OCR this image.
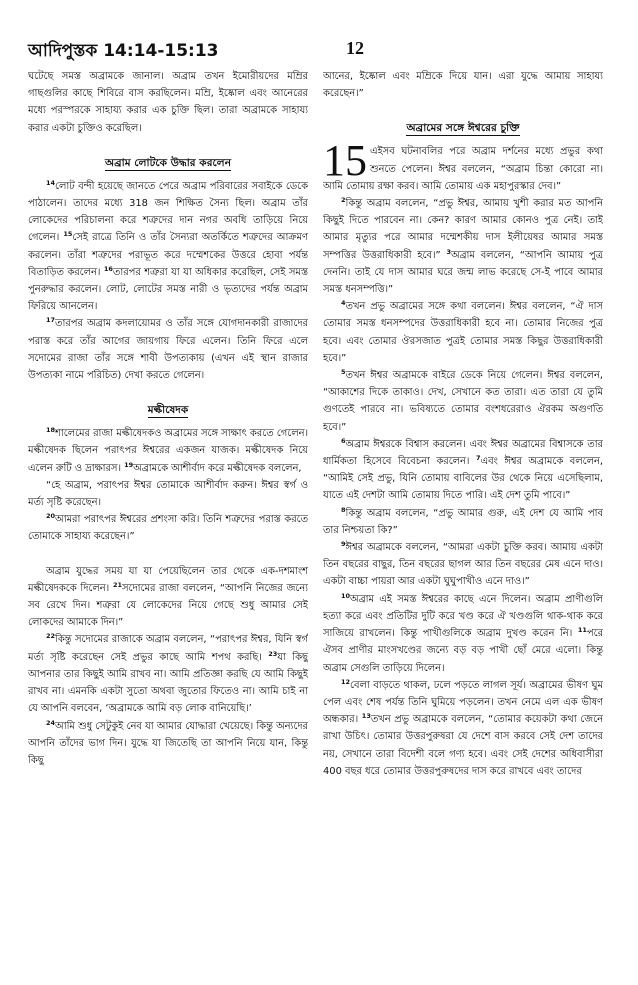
আদিপুস্তক 14:14-15:13	12

ঘটেছে সমস্ত অব্রামকে জানাল। অব্রাম তখন ইমোরীয়দের মম্রির গাছগুলির কাছে শিবিরে বাস করছিলেন। মম্রি, ইষ্কোল এবং আনেরের মধ্যে পরস্পরকে সাহায্য করার এক চুক্তি ছিল। তারা অব্রামকে সাহায্য করার একটা চুক্তিও করেছিল।

অব্রাম লোটকে উদ্ধার করলেন

$^{14}$লোট বন্দী হয়েছে জানতে পেরে অব্রাম পরিবারের সবাইকে ডেকে পাঠালেন। তাদের মধ্যে 318 জন শিক্ষিত সৈন্য ছিল। অব্রাম তাঁর লোকেদের পরিচালনা করে শত্রুদের দান নগর অবধি তাড়িয়ে নিয়ে গেলেন। $^{15}$সেই রাত্রে তিনি ও তাঁর সৈন্যরা অতর্কিতে শত্রুদের আক্রমণ করলেন। তাঁরা শত্রুদের পরাভূত করে দম্মেশকের উত্তরে হোবা পর্যন্ত বিতাড়িত করলেন। $^{16}$তারপর শত্রুরা যা যা অধিকার করেছিল, সেই সমস্ত পুনরুদ্ধার করলেন। লোট, লোটের সমস্ত নারী ও ভৃত্যদের পর্যন্ত অব্রাম ফিরিয়ে আনলেন।

$^{17}$তারপর অব্রাম কদলায়োমর ও তাঁর সঙ্গে যোগদানকারী রাজাদের পরাস্ত করে তাঁর আগের জায়গায় ফিরে এলেন। তিনি ফিরে এলে সদোমের রাজা তাঁর সঙ্গে শাবী উপত্যকায় (এখন এই স্থান রাজার উপত্যকা নামে পরিচিত) দেখা করতে গেলেন।

মল্কীষেদক

$^{18}$শালেমের রাজা মল্কীষেদকও অব্রামের সঙ্গে সাক্ষাৎ করতে গেলেন। মল্কীষেদক ছিলেন পরাৎপর ঈশ্বরের একজন যাজক। মল্কীষেদক নিয়ে এলেন রুটি ও দ্রাক্ষারস। $^{19}$অব্রামকে আশীর্বাদ করে মল্কীষেদক বললেন,

“হে অব্রাম, পরাৎপর ঈশ্বর তোমাকে আশীর্বাদ করুন। ঈশ্বর স্বর্গ ও মর্ত্য সৃষ্টি করেছেন।

$^{20}$আমরা পরাৎপর ঈশ্বরের প্রশংসা করি। তিনি শত্রুদের পরাস্ত করতে তোমাকে সাহায্য করেছেন।”

অব্রাম যুদ্ধের সময় যা যা পেয়েছিলেন তার থেকে এক-দশমাংশ মল্কীষেদককে দিলেন। $^{21}$সদোমের রাজা বললেন, “আপনি নিজের জন্যে সব রেখে দিন। শত্রুরা যে লোকেদের নিয়ে গেছে শুধু আমার সেই লোকদের আমাকে দিন।”

$^{22}$কিন্তু সদোমের রাজাকে অব্রাম বললেন, “পরাৎপর ঈশ্বর, যিনি স্বর্গ মর্ত্য সৃষ্টি করেছেন সেই প্রভুর কাছে আমি শপথ করছি। $^{23}$যা কিছু আপনার তার কিছুই আমি রাখব না। আমি প্রতিজ্ঞা করছি যে আমি কিছুই রাখব না। এমনকি একটা সুতো অথবা জুতোর ফিতেও না। আমি চাই না যে আপনি বলবেন, ‘অব্রামকে আমি বড় লোক বানিয়েছি।’

$^{24}$আমি শুধু সেটুকুই নেব যা আমার যোদ্ধারা খেয়েছে। কিন্তু অন্যদের আপনি তাঁদের ভাগ দিন। যুদ্ধে যা জিতেছি তা আপনি নিয়ে যান, কিন্তু কিছু

আনের, ইষ্কোল এবং মম্রিকে দিয়ে যান। এরা যুদ্ধে আমায় সাহায্য করেছেন।”

অব্রামের সঙ্গে ঈশ্বরের চুক্তি

15 এইসব ঘটনাবলির পরে অব্রাম দর্শনের মধ্যে প্রভুর কথা শুনতে পেলেন। ঈশ্বর বললেন, “অব্রাম চিন্তা কোরো না। আমি তোমায় রক্ষা করব। আমি তোমায় এক মহাপুরস্কার দেব।”

$^2$কিন্তু অব্রাম বললেন, “প্রভু ঈশ্বর, আমায় খুশী করার মত আপনি কিছুই দিতে পারবেন না। কেন? কারণ আমার কোনও পুত্র নেই। তাই আমার মৃত্যুর পরে আমার দম্মেশকীয় দাস ইলীয়েষর আমার সমস্ত সম্পত্তির উত্তরাধিকারী হবে।” $^3$অব্রাম বললেন, “আপনি আমায় পুত্র দেননি। তাই যে দাস আমার ঘরে জন্ম লাভ করেছে সে-ই পাবে আমার সমস্ত ধনসম্পত্তি।”

$^4$তখন প্রভু অব্রামের সঙ্গে কথা বললেন। ঈশ্বর বললেন, “ঐ দাস তোমার সমস্ত ধনসম্পদের উত্তরাধিকারী হবে না। তোমার নিজের পুত্র হবে। এবং তোমার ঔরসজাত পুত্রই তোমার সমস্ত কিছুর উত্তরাধিকারী হবে।”

$^5$তখন ঈশ্বর অব্রামকে বাইরে ডেকে নিয়ে গেলেন। ঈশ্বর বললেন, “আকাশের দিকে তাকাও। দেখ, সেখানে কত তারা। এত তারা যে তুমি গুণতেই পারবে না। ভবিষ্যতে তোমার বংশধরেরাও ঐরকম অগুণতি হবে।”

$^6$অব্রাম ঈশ্বরকে বিশ্বাস করলেন। এবং ঈশ্বর অব্রামের বিশ্বাসকে তার ধার্মিকতা হিসেবে বিবেচনা করলেন। $^7$এবং ঈশ্বর অব্রামকে বললেন, “আমিই সেই প্রভু, যিনি তোমায় বাবিলের উর থেকে নিয়ে এসেছিলাম, যাতে এই দেশটা আমি তোমায় দিতে পারি। এই দেশ তুমি পাবে।”

$^8$কিন্তু অব্রাম বললেন, “প্রভু আমার গুরু, এই দেশ যে আমি পাব তার নিশ্চয়তা কি?”

$^9$ঈশ্বর অব্রামকে বললেন, “আমরা একটা চুক্তি করব। আমায় একটা তিন বছরের বাছুর, তিন বছরের ছাগল আর তিন বছরের মেষ এনে দাও। একটা বাচ্চা পায়রা আর একটা ঘুঘুপাখীও এনে দাও।”

$^{10}$অব্রাম এই সমস্ত ঈশ্বরের কাছে এনে দিলেন। অব্রাম প্রাণীগুলি হত্যা করে এবং প্রতিটির দুটি করে খণ্ড করে ঐ খণ্ডগুলি থাক-থাক করে সাজিয়ে রাখলেন। কিন্তু পাখীগুলিকে অব্রাম দুখণ্ড করেন নি। $^{11}$পরে ঐসব প্রাণীর মাংসখণ্ডের জন্যে বড় বড় পাখী ছোঁ মেরে এলো। কিন্তু অব্রাম সেগুলি তাড়িয়ে দিলেন।

$^{12}$বেলা বাড়তে থাকল, ঢলে পড়তে লাগল সূর্য। অব্রামের ভীষণ ঘুম পেল এবং শেষ পর্যন্ত তিনি ঘুমিয়ে পড়লেন। তখন নেমে এল এক ভীষণ অন্ধকার। $^{13}$তখন প্রভু অব্রামকে বললেন, “তোমার কয়েকটা কথা জেনে রাখা উচিৎ। তোমার উত্তরপুরুষরা যে দেশে বাস করবে সেই দেশ তাদের নয়, সেখানে তারা বিদেশী বলে গণ্য হবে। এবং সেই দেশের অধিবাসীরা 400 বছর ধরে তোমার উত্তরপুরুষদের দাস করে রাখবে এবং তাদের
